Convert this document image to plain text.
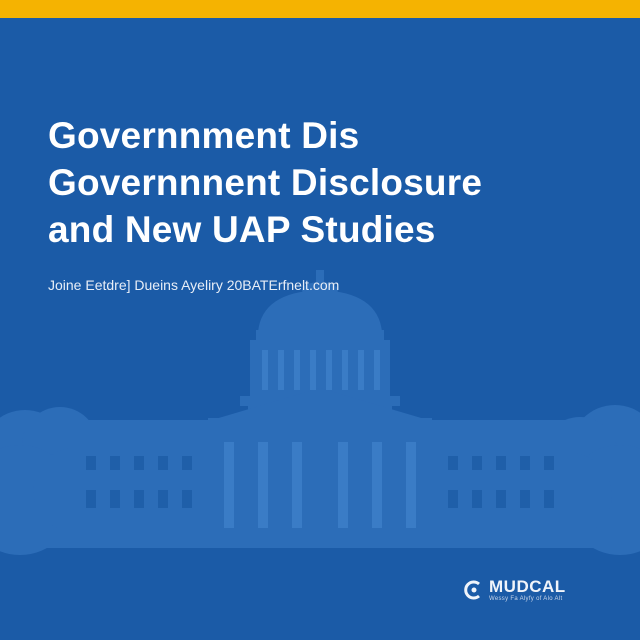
Governnment Dis
Governnnent Disclosure
and New UAP Studies
Joine Eetdre] Dueins Ayeliry 20BATErfnelt.com
MUDCAL
Wessy Fa Alyfy of Alo Alt
